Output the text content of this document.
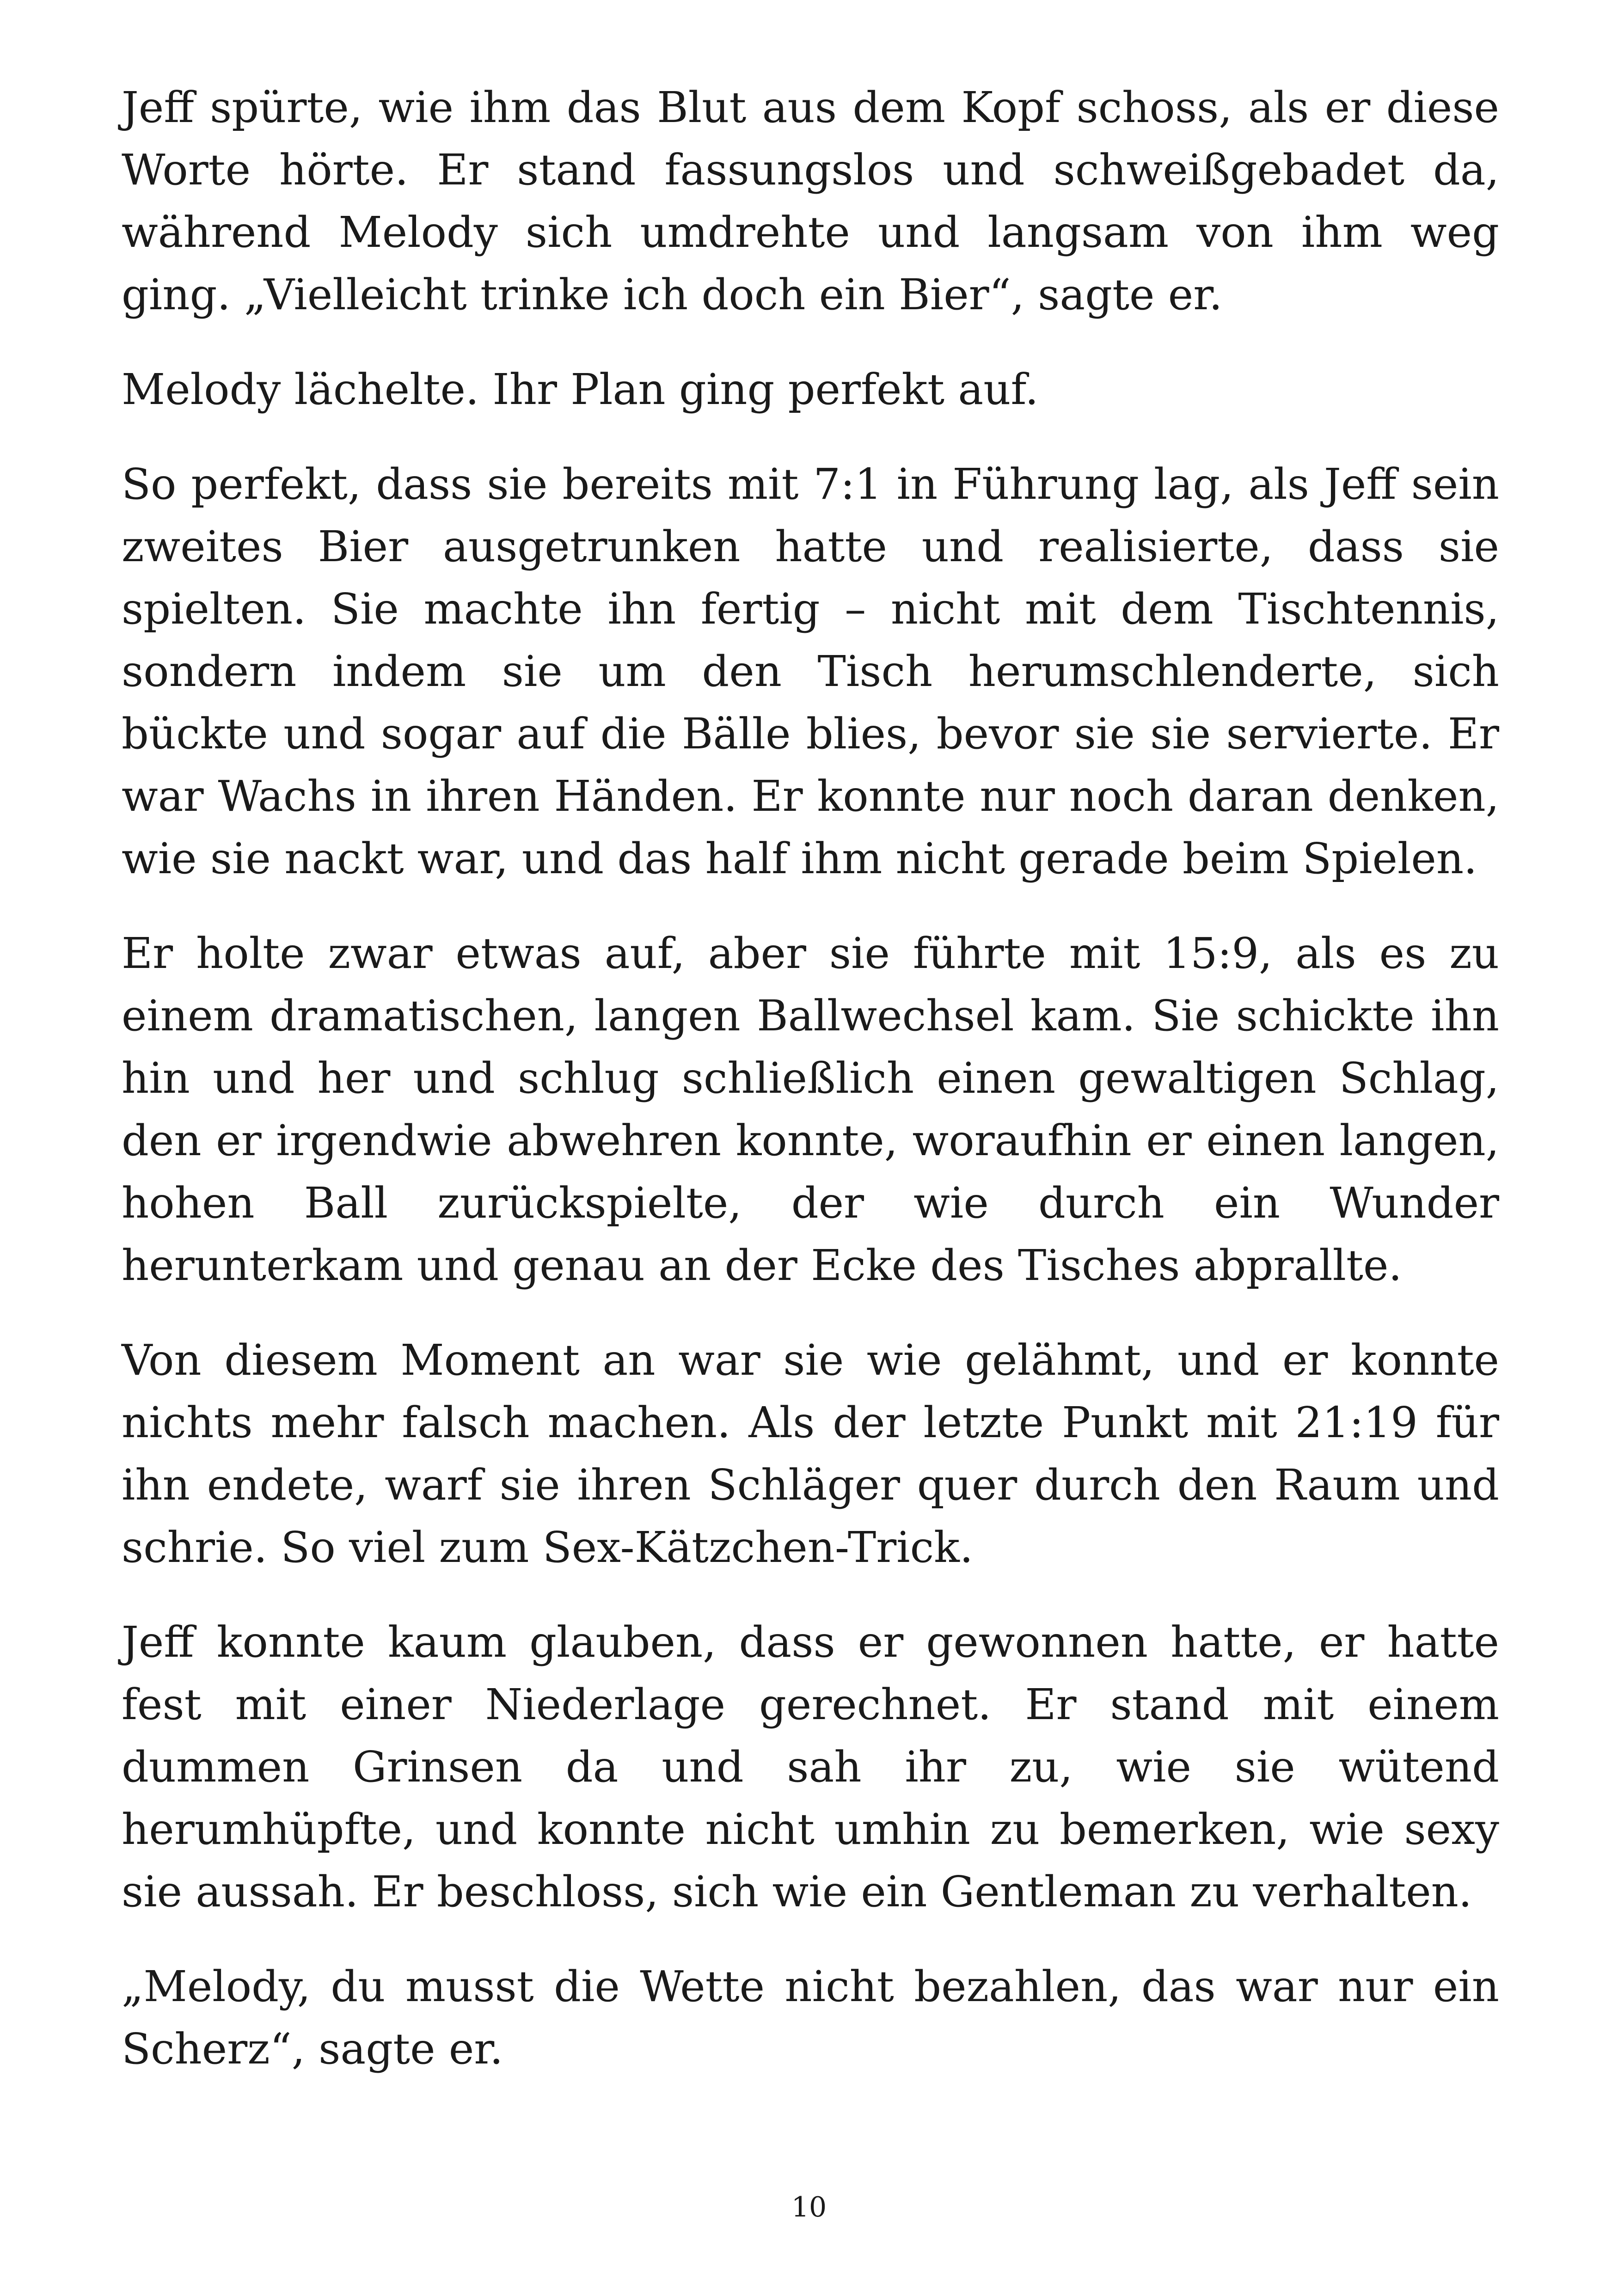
Jeff spürte, wie ihm das Blut aus dem Kopf schoss, als er diese Worte hörte. Er stand fassungslos und schweißgebadet da, während Melody sich umdrehte und langsam von ihm weg ging. „Vielleicht trinke ich doch ein Bier“, sagte er.

Melody lächelte. Ihr Plan ging perfekt auf.

So perfekt, dass sie bereits mit 7:1 in Führung lag, als Jeff sein zweites Bier ausgetrunken hatte und realisierte, dass sie spielten. Sie machte ihn fertig – nicht mit dem Tischtennis, sondern indem sie um den Tisch herumschlenderte, sich bückte und sogar auf die Bälle blies, bevor sie sie servierte. Er war Wachs in ihren Händen. Er konnte nur noch daran denken, wie sie nackt war, und das half ihm nicht gerade beim Spielen.

Er holte zwar etwas auf, aber sie führte mit 15:9, als es zu einem dramatischen, langen Ballwechsel kam. Sie schickte ihn hin und her und schlug schließlich einen gewaltigen Schlag, den er irgendwie abwehren konnte, woraufhin er einen langen, hohen Ball zurückspielte, der wie durch ein Wunder herunterkam und genau an der Ecke des Tisches abprallte.

Von diesem Moment an war sie wie gelähmt, und er konnte nichts mehr falsch machen. Als der letzte Punkt mit 21:19 für ihn endete, warf sie ihren Schläger quer durch den Raum und schrie. So viel zum Sex-Kätzchen-Trick.

Jeff konnte kaum glauben, dass er gewonnen hatte, er hatte fest mit einer Niederlage gerechnet. Er stand mit einem dummen Grinsen da und sah ihr zu, wie sie wütend herumhüpfte, und konnte nicht umhin zu bemerken, wie sexy sie aussah. Er beschloss, sich wie ein Gentleman zu verhalten.

„Melody, du musst die Wette nicht bezahlen, das war nur ein Scherz“, sagte er.

10
